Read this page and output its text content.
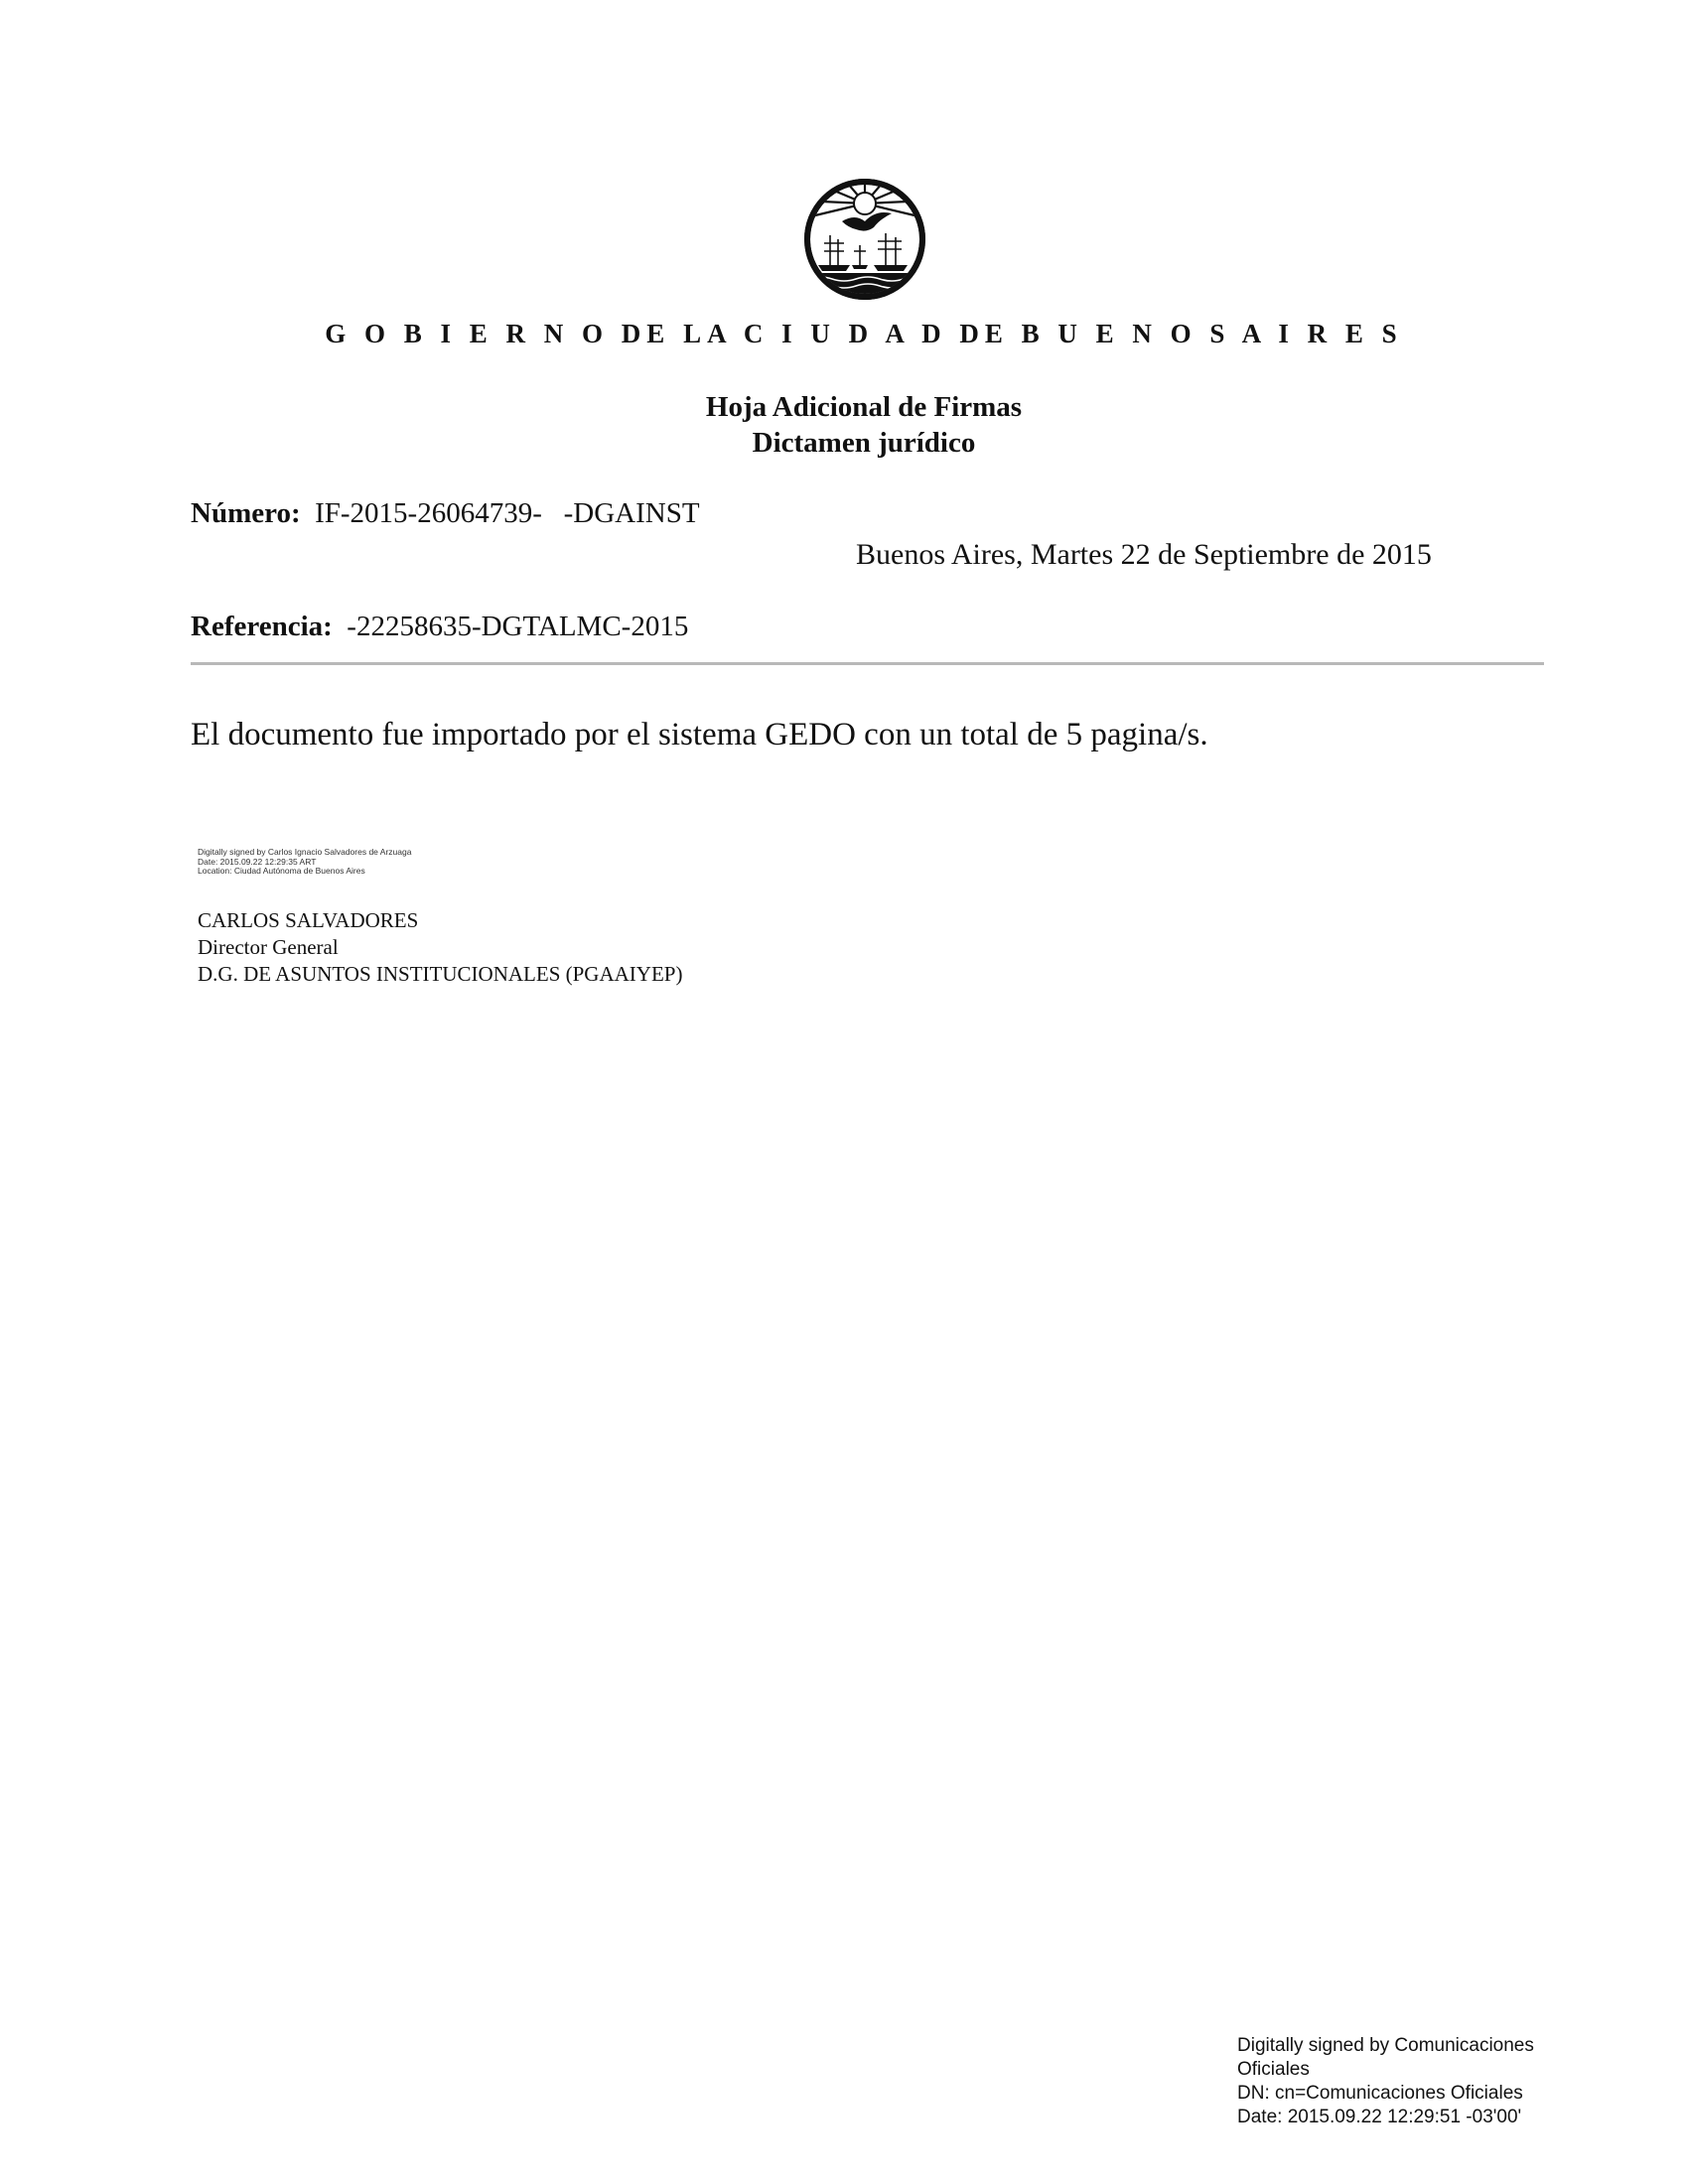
G O B I E R N O DE LA C I U D A D DE B U E N O S A I R E S
Hoja Adicional de Firmas
Dictamen jurídico
Número: IF-2015-26064739-   -DGAINST
Buenos Aires, Martes 22 de Septiembre de 2015
Referencia: -22258635-DGTALMC-2015
El documento fue importado por el sistema GEDO con un total de 5 pagina/s.
Digitally signed by Carlos Ignacio Salvadores de Arzuaga
Date: 2015.09.22 12:29:35 ART
Location: Ciudad Autónoma de Buenos Aires
CARLOS SALVADORES
Director General
D.G. DE ASUNTOS INSTITUCIONALES (PGAAIYEP)
Digitally signed by Comunicaciones
Oficiales
DN: cn=Comunicaciones Oficiales
Date: 2015.09.22 12:29:51 -03'00'
